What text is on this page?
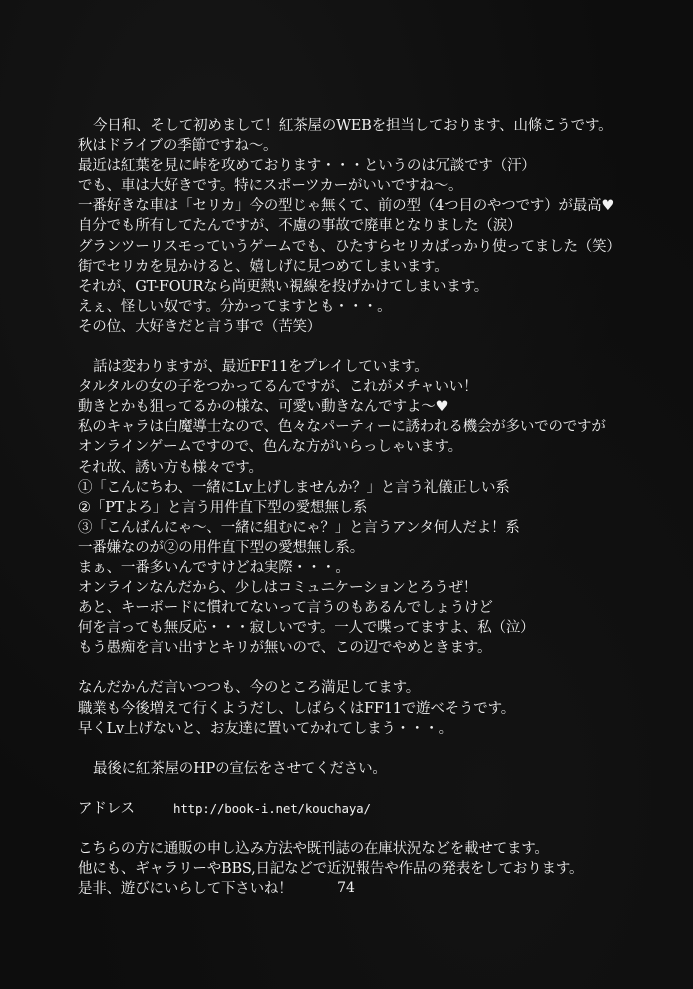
今日和、そして初めまして！紅茶屋のWEBを担当しております、山條こうです。
秋はドライブの季節ですね〜。
最近は紅葉を見に峠を攻めております・・・というのは冗談です（汗）
でも、車は大好きです。特にスポーツカーがいいですね〜。
一番好きな車は「セリカ」今の型じゃ無くて、前の型（4つ目のやつです）が最高♥
自分でも所有してたんですが、不慮の事故で廃車となりました（涙）
グランツーリスモっていうゲームでも、ひたすらセリカばっかり使ってました（笑）
街でセリカを見かけると、嬉しげに見つめてしまいます。
それが、GT-FOURなら尚更熱い視線を投げかけてしまいます。
えぇ、怪しい奴です。分かってますとも・・・。
その位、大好きだと言う事で（苦笑）
話は変わりますが、最近FF11をプレイしています。
タルタルの女の子をつかってるんですが、これがメチャいい！
動きとかも狙ってるかの様な、可愛い動きなんですよ〜♥
私のキャラは白魔導士なので、色々なパーティーに誘われる機会が多いでのですが
オンラインゲームですので、色んな方がいらっしゃいます。
それ故、誘い方も様々です。
①「こんにちわ、一緒にLv上げしませんか？」と言う礼儀正しい系
②「PTよろ」と言う用件直下型の愛想無し系
③「こんばんにゃ〜、一緒に組むにゃ？」と言うアンタ何人だよ！系
一番嫌なのが②の用件直下型の愛想無し系。
まぁ、一番多いんですけどね実際・・・。
オンラインなんだから、少しはコミュニケーションとろうぜ！
あと、キーボードに慣れてないって言うのもあるんでしょうけど
何を言っても無反応・・・寂しいです。一人で喋ってますよ、私（泣）
もう愚痴を言い出すとキリが無いので、この辺でやめときます。
なんだかんだ言いつつも、今のところ満足してます。
職業も今後増えて行くようだし、しばらくはFF11で遊べそうです。
早くLv上げないと、お友達に置いてかれてしまう・・・。
最後に紅茶屋のHPの宣伝をさせてください。
アドレス	http://book-i.net/kouchaya/
こちらの方に通販の申し込み方法や既刊誌の在庫状況などを載せてます。
他にも、ギャラリーやBBS,日記などで近況報告や作品の発表をしております。
是非、遊びにいらして下さいね！	74
